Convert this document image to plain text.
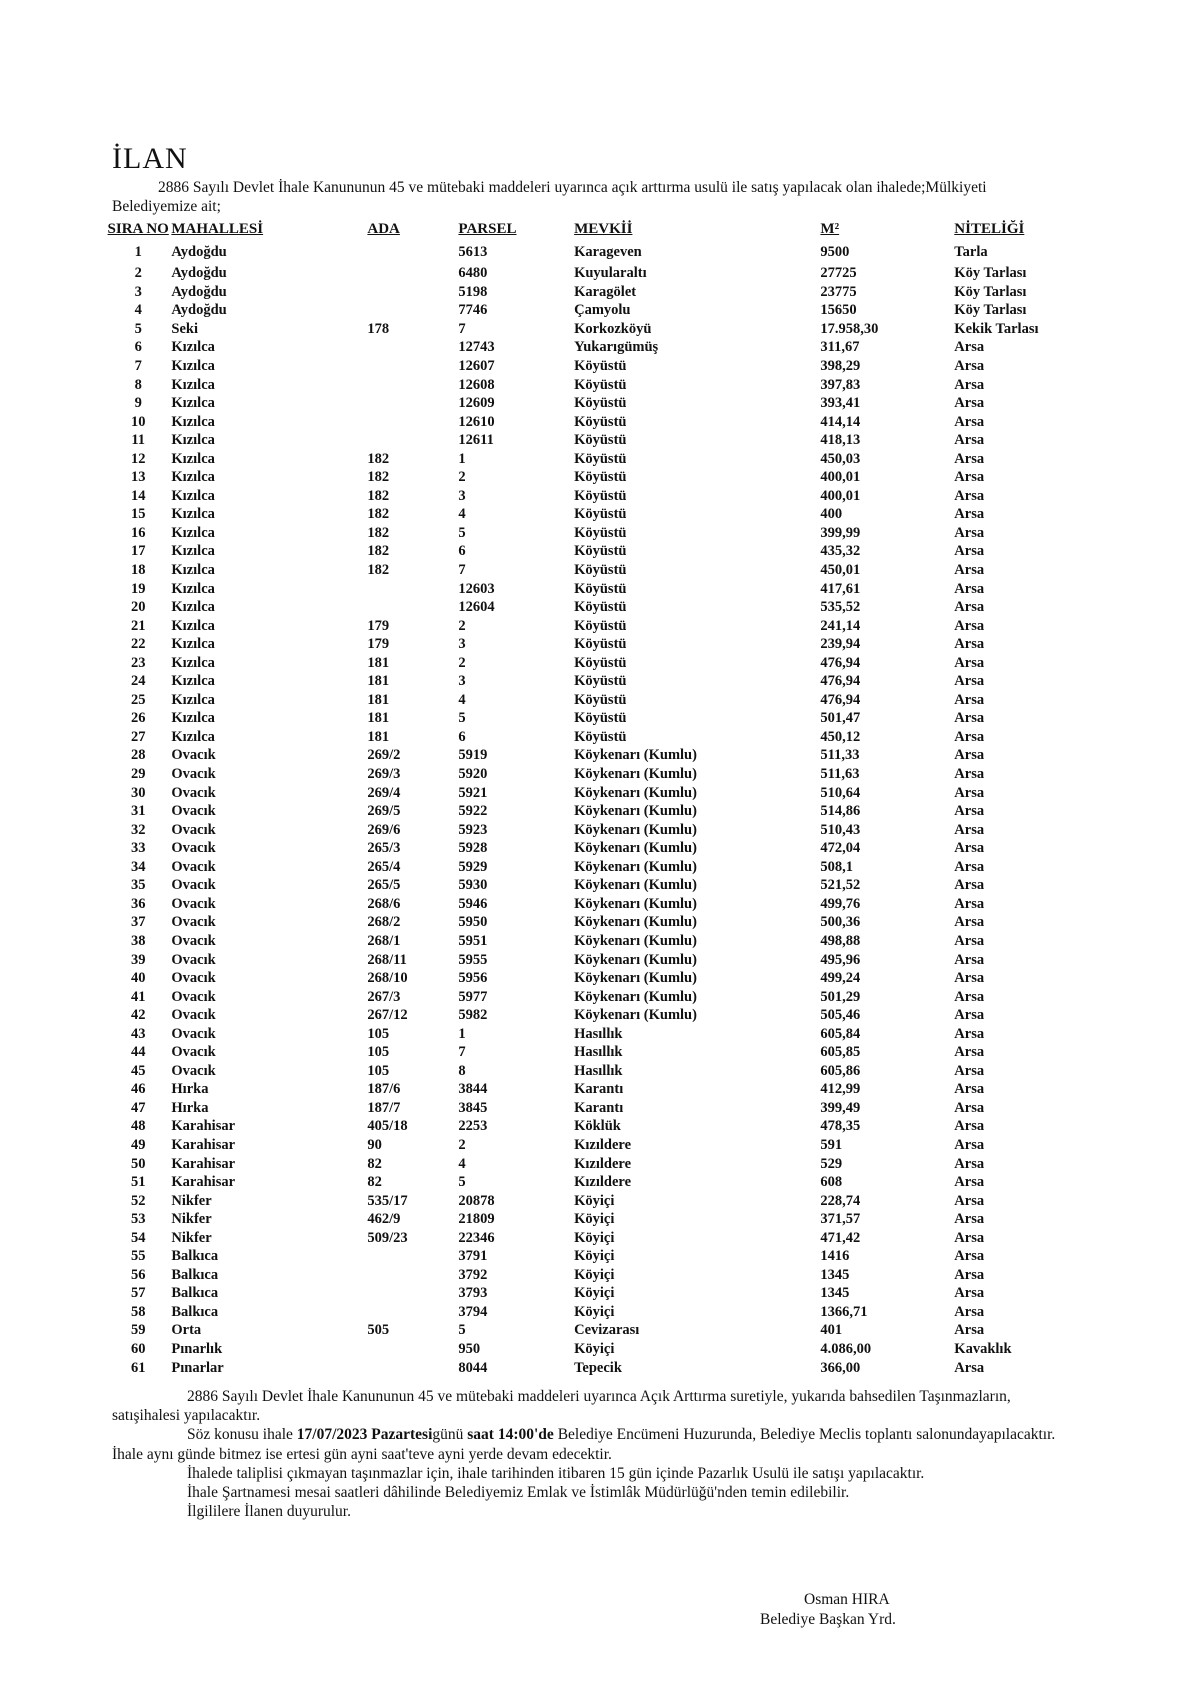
İLAN
2886 Sayılı Devlet İhale Kanununun 45 ve mütebaki maddeleri uyarınca açık arttırma usulü ile satış yapılacak olan ihalede;Mülkiyeti
Belediyemize ait;
SIRA NO	MAHALLESİ	ADA	PARSEL	MEVKİİ	M²	NİTELİĞİ
1	Aydoğdu		5613	Karageven	9500	Tarla
2	Aydoğdu		6480	Kuyularaltı	27725	Köy Tarlası
3	Aydoğdu		5198	Karagölet	23775	Köy Tarlası
4	Aydoğdu		7746	Çamyolu	15650	Köy Tarlası
5	Seki	178	7	Korkozköyü	17.958,30	Kekik Tarlası
6	Kızılca		12743	Yukarıgümüş	311,67	Arsa
7	Kızılca		12607	Köyüstü	398,29	Arsa
8	Kızılca		12608	Köyüstü	397,83	Arsa
9	Kızılca		12609	Köyüstü	393,41	Arsa
10	Kızılca		12610	Köyüstü	414,14	Arsa
11	Kızılca		12611	Köyüstü	418,13	Arsa
12	Kızılca	182	1	Köyüstü	450,03	Arsa
13	Kızılca	182	2	Köyüstü	400,01	Arsa
14	Kızılca	182	3	Köyüstü	400,01	Arsa
15	Kızılca	182	4	Köyüstü	400	Arsa
16	Kızılca	182	5	Köyüstü	399,99	Arsa
17	Kızılca	182	6	Köyüstü	435,32	Arsa
18	Kızılca	182	7	Köyüstü	450,01	Arsa
19	Kızılca		12603	Köyüstü	417,61	Arsa
20	Kızılca		12604	Köyüstü	535,52	Arsa
21	Kızılca	179	2	Köyüstü	241,14	Arsa
22	Kızılca	179	3	Köyüstü	239,94	Arsa
23	Kızılca	181	2	Köyüstü	476,94	Arsa
24	Kızılca	181	3	Köyüstü	476,94	Arsa
25	Kızılca	181	4	Köyüstü	476,94	Arsa
26	Kızılca	181	5	Köyüstü	501,47	Arsa
27	Kızılca	181	6	Köyüstü	450,12	Arsa
28	Ovacık	269/2	5919	Köykenarı (Kumlu)	511,33	Arsa
29	Ovacık	269/3	5920	Köykenarı (Kumlu)	511,63	Arsa
30	Ovacık	269/4	5921	Köykenarı (Kumlu)	510,64	Arsa
31	Ovacık	269/5	5922	Köykenarı (Kumlu)	514,86	Arsa
32	Ovacık	269/6	5923	Köykenarı (Kumlu)	510,43	Arsa
33	Ovacık	265/3	5928	Köykenarı (Kumlu)	472,04	Arsa
34	Ovacık	265/4	5929	Köykenarı (Kumlu)	508,1	Arsa
35	Ovacık	265/5	5930	Köykenarı (Kumlu)	521,52	Arsa
36	Ovacık	268/6	5946	Köykenarı (Kumlu)	499,76	Arsa
37	Ovacık	268/2	5950	Köykenarı (Kumlu)	500,36	Arsa
38	Ovacık	268/1	5951	Köykenarı (Kumlu)	498,88	Arsa
39	Ovacık	268/11	5955	Köykenarı (Kumlu)	495,96	Arsa
40	Ovacık	268/10	5956	Köykenarı (Kumlu)	499,24	Arsa
41	Ovacık	267/3	5977	Köykenarı (Kumlu)	501,29	Arsa
42	Ovacık	267/12	5982	Köykenarı (Kumlu)	505,46	Arsa
43	Ovacık	105	1	Hasıllık	605,84	Arsa
44	Ovacık	105	7	Hasıllık	605,85	Arsa
45	Ovacık	105	8	Hasıllık	605,86	Arsa
46	Hırka	187/6	3844	Karantı	412,99	Arsa
47	Hırka	187/7	3845	Karantı	399,49	Arsa
48	Karahisar	405/18	2253	Köklük	478,35	Arsa
49	Karahisar	90	2	Kızıldere	591	Arsa
50	Karahisar	82	4	Kızıldere	529	Arsa
51	Karahisar	82	5	Kızıldere	608	Arsa
52	Nikfer	535/17	20878	Köyiçi	228,74	Arsa
53	Nikfer	462/9	21809	Köyiçi	371,57	Arsa
54	Nikfer	509/23	22346	Köyiçi	471,42	Arsa
55	Balkıca		3791	Köyiçi	1416	Arsa
56	Balkıca		3792	Köyiçi	1345	Arsa
57	Balkıca		3793	Köyiçi	1345	Arsa
58	Balkıca		3794	Köyiçi	1366,71	Arsa
59	Orta	505	5	Cevizarası	401	Arsa
60	Pınarlık		950	Köyiçi	4.086,00	Kavaklık
61	Pınarlar		8044	Tepecik	366,00	Arsa
2886 Sayılı Devlet İhale Kanununun 45 ve mütebaki maddeleri uyarınca Açık Arttırma suretiyle, yukarıda bahsedilen Taşınmazların,
satışihalesi yapılacaktır.
Söz konusu ihale 17/07/2023 Pazartesigünü saat 14:00'de Belediye Encümeni Huzurunda, Belediye Meclis toplantı salonundayapılacaktır.
İhale aynı günde bitmez ise ertesi gün ayni saat'teve ayni yerde devam edecektir.
İhalede taliplisi çıkmayan taşınmazlar için, ihale tarihinden itibaren 15 gün içinde Pazarlık Usulü ile satışı yapılacaktır.
İhale Şartnamesi mesai saatleri dâhilinde Belediyemiz Emlak ve İstimlâk Müdürlüğü'nden temin edilebilir.
İlgililere İlanen duyurulur.
Osman HIRA
Belediye Başkan Yrd.
